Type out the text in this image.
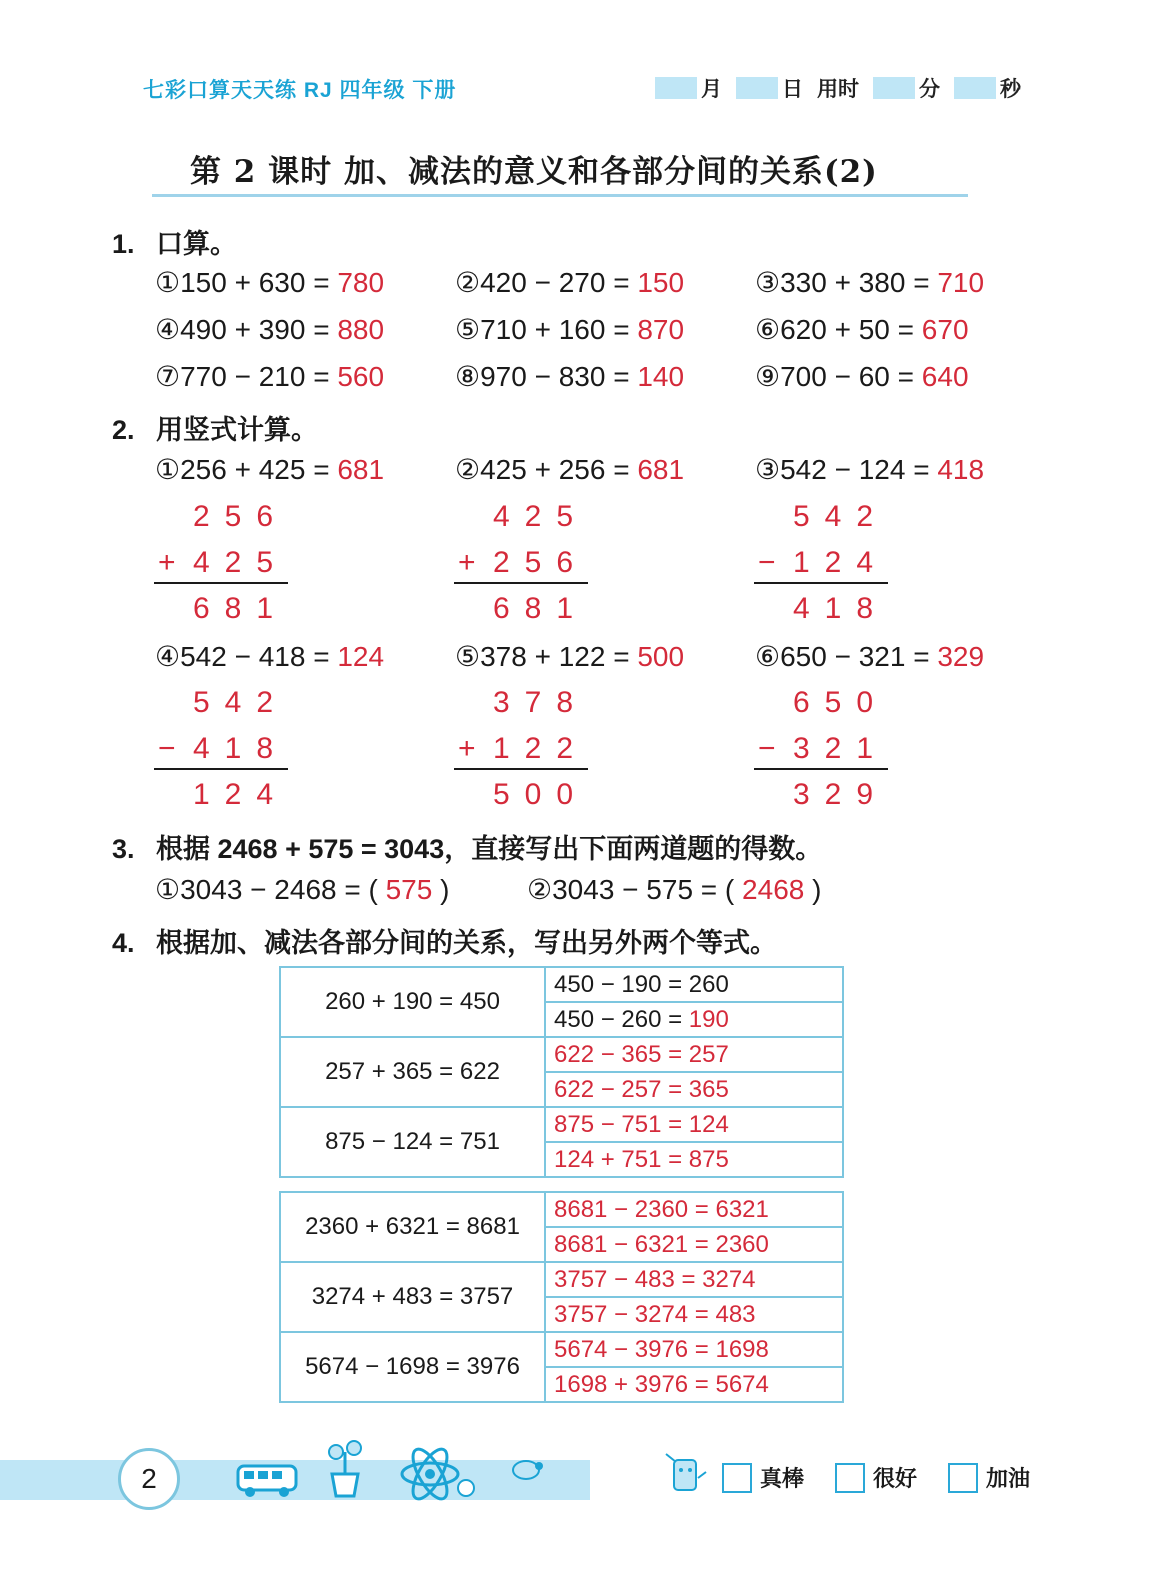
七彩口算天天练 RJ 四年级 下册	月	日 用时	分	秒
第 2 课时 加、减法的意义和各部分间的关系(2)
1. 口算。
①150 + 630 = 780	②420 − 270 = 150	③330 + 380 = 710
④490 + 390 = 880	⑤710 + 160 = 870	⑥620 + 50 = 670
⑦770 − 210 = 560	⑧970 − 830 = 140	⑨700 − 60 = 640
2. 用竖式计算。
①256 + 425 = 681	②425 + 256 = 681	③542 − 124 = 418
256
+ 425
681
425
+ 256
681
542
− 124
418
④542 − 418 = 124	⑤378 + 122 = 500	⑥650 − 321 = 329
542
− 418
124
378
+ 122
500
650
− 321
329
3. 根据 2468 + 575 = 3043，直接写出下面两道题的得数。
①3043 − 2468 = ( 575 )	②3043 − 575 = ( 2468 )
4. 根据加、减法各部分间的关系，写出另外两个等式。
260 + 190 = 450	450 − 190 = 260
	450 − 260 = 190
257 + 365 = 622	622 − 365 = 257
	622 − 257 = 365
875 − 124 = 751	875 − 751 = 124
	124 + 751 = 875
2360 + 6321 = 8681	8681 − 2360 = 6321
	8681 − 6321 = 2360
3274 + 483 = 3757	3757 − 483 = 3274
	3757 − 3274 = 483
5674 − 1698 = 3976	5674 − 3976 = 1698
	1698 + 3976 = 5674
2	真棒	很好	加油
